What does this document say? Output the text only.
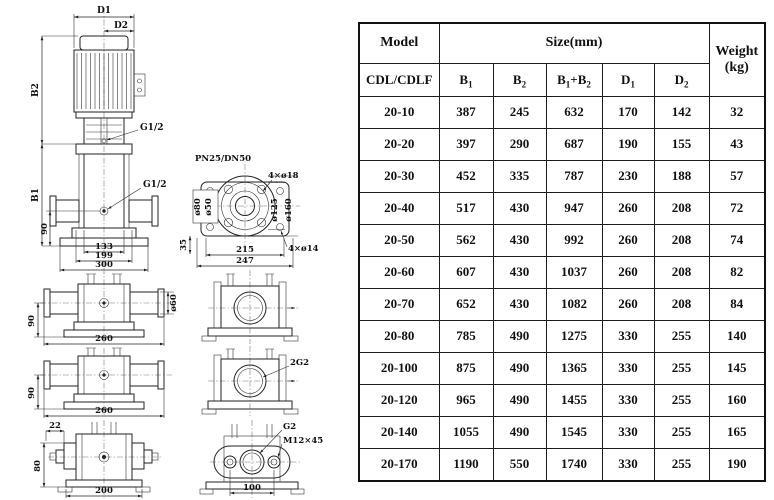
D1
D2
B2
B1
G1/2
G1/2
90
133
199
300
PN25/DN50
4×ø18
ø125 ø160
ø80 ø50
35	215
247
4×ø14
90
ø60
260
90
260
22
80
200
2G2
G2
M12×45
100
Model	Size(mm)					Weight
(kg)

CDL/CDLF	$B_1$	$B_2$	$B_1+B_2$	$D_1$	$D_2$
20-10	387	245	632	170	142	32
20-20	397	290	687	190	155	43
20-30	452	335	787	230	188	57
20-40	517	430	947	260	208	72
20-50	562	430	992	260	208	74
20-60	607	430	1037	260	208	82
20-70	652	430	1082	260	208	84
20-80	785	490	1275	330	255	140
20-100	875	490	1365	330	255	145
20-120	965	490	1455	330	255	160
20-140	1055	490	1545	330	255	165
20-170	1190	550	1740	330	255	190
